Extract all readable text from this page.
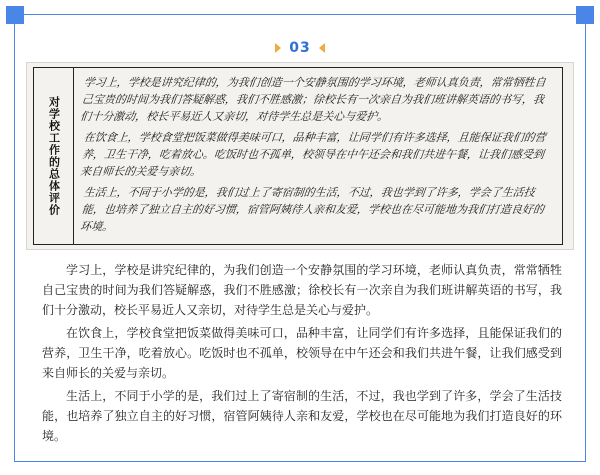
03
对学校工作的总体评价

学习上，学校是讲究纪律的，为我们创造一个安静氛围的学习环境，老师认真负责，常常牺牲自己宝贵的时间为我们答疑解惑，我们不胜感激；徐校长有一次亲自为我们班讲解英语的书写，我们十分激动，校长平易近人又亲切，对待学生总是关心与爱护。

在饮食上，学校食堂把饭菜做得美味可口，品种丰富，让同学们有许多选择，且能保证我们的营养，卫生干净，吃着放心。吃饭时也不孤单，校领导在中午还会和我们共进午餐，让我们感受到来自师长的关爱与亲切。

生活上，不同于小学的是，我们过上了寄宿制的生活，不过，我也学到了许多，学会了生活技能，也培养了独立自主的好习惯，宿管阿姨待人亲和友爱，学校也在尽可能地为我们打造良好的环境。

学习上，学校是讲究纪律的，为我们创造一个安静氛围的学习环境，老师认真负责，常常牺牲自己宝贵的时间为我们答疑解惑，我们不胜感激；徐校长有一次亲自为我们班讲解英语的书写，我们十分激动，校长平易近人又亲切，对待学生总是关心与爱护。

在饮食上，学校食堂把饭菜做得美味可口，品种丰富，让同学们有许多选择，且能保证我们的营养，卫生干净，吃着放心。吃饭时也不孤单，校领导在中午还会和我们共进午餐，让我们感受到来自师长的关爱与亲切。

生活上，不同于小学的是，我们过上了寄宿制的生活，不过，我也学到了许多，学会了生活技能，也培养了独立自主的好习惯，宿管阿姨待人亲和友爱，学校也在尽可能地为我们打造良好的环境。
